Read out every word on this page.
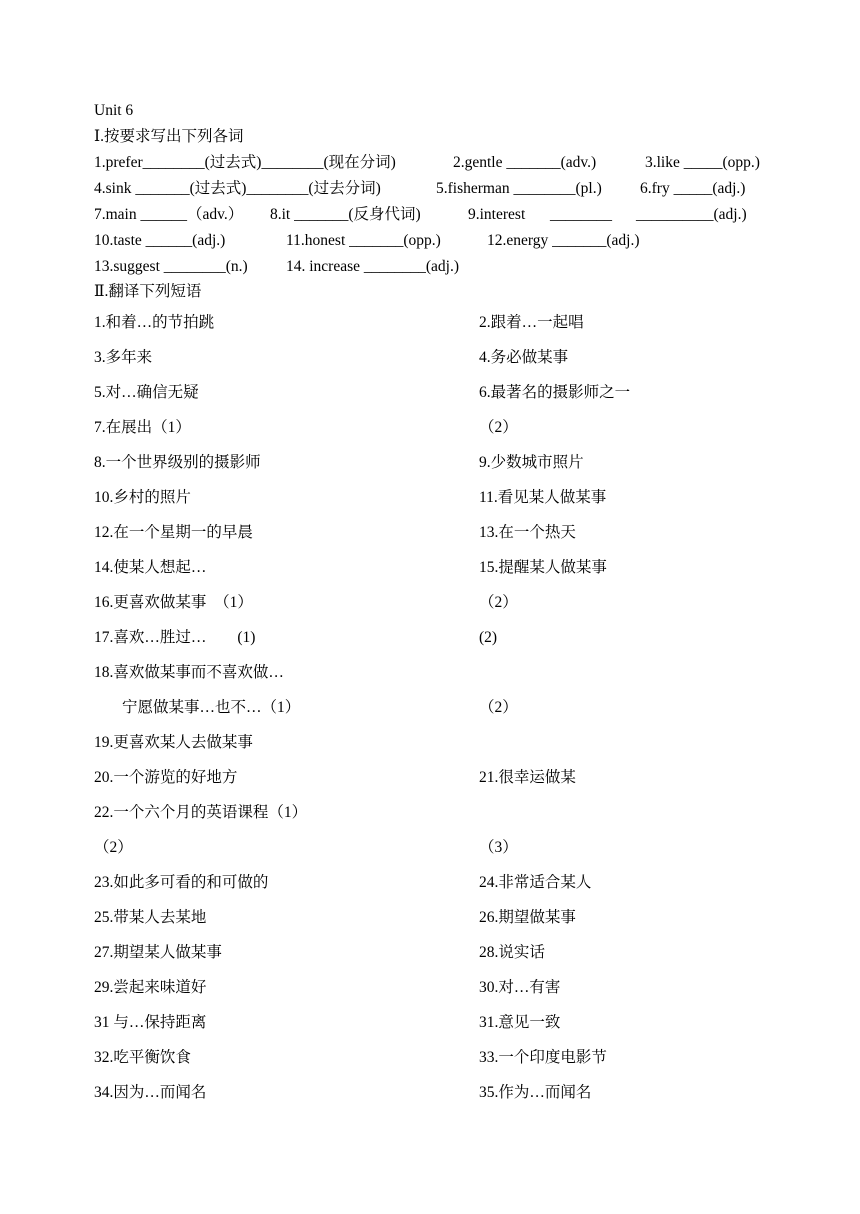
Unit 6
Ⅰ.按要求写出下列各词
1.prefer________(过去式)________(现在分词)	2.gentle _______(adv.)	3.like _____(opp.)
4.sink _______(过去式)________(过去分词)	5.fisherman ________(pl.) 6.fry _____(adj.)
7.main ______（adv.） 8.it _______(反身代词)	9.interest ________ __________(adj.)
10.taste ______(adj.)	11.honest _______(opp.)	12.energy _______(adj.)
13.suggest ________(n.) 14. increase ________(adj.)
Ⅱ.翻译下列短语
1.和着…的节拍跳	2.跟着…一起唱
3.多年来	4.务必做某事
5.对…确信无疑	6.最著名的摄影师之一
7.在展出（1）	（2）
8.一个世界级别的摄影师	9.少数城市照片
10.乡村的照片	11.看见某人做某事
12.在一个星期一的早晨	13.在一个热天
14.使某人想起…	15.提醒某人做某事
16.更喜欢做某事　（1）	（2）
17.喜欢…胜过…　　(1)	(2)
18.喜欢做某事而不喜欢做…
宁愿做某事…也不…（1）	（2）
19.更喜欢某人去做某事
20.一个游览的好地方	21.很幸运做某
22.一个六个月的英语课程（1）
（2）	（3）
23.如此多可看的和可做的	24.非常适合某人
25.带某人去某地	26.期望做某事
27.期望某人做某事	28.说实话
29.尝起来味道好	30.对…有害
31 与…保持距离	31.意见一致
32.吃平衡饮食	33.一个印度电影节
34.因为…而闻名	35.作为…而闻名
